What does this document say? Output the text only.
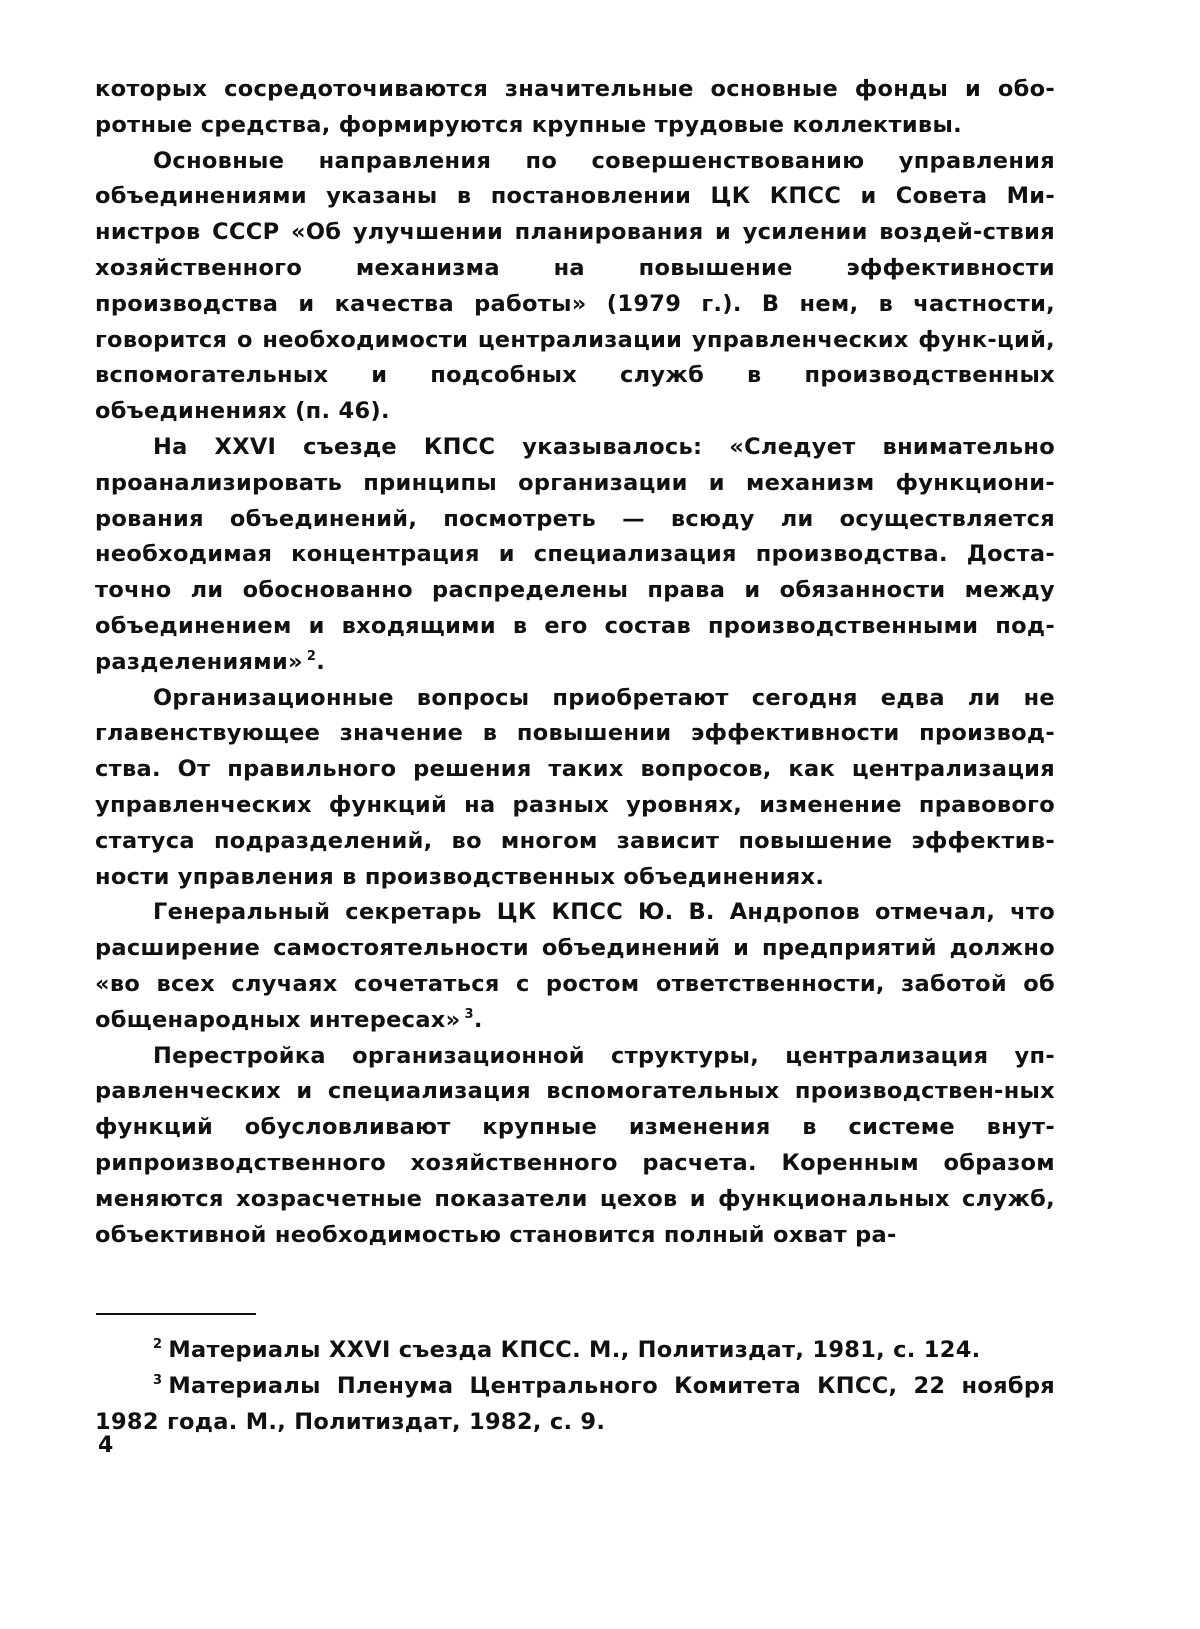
которых сосредоточиваются значительные основные фонды и обо-ротные средства, формируются крупные трудовые коллективы.

Основные направления по совершенствованию управления объединениями указаны в постановлении ЦК КПСС и Совета Ми-нистров СССР «Об улучшении планирования и усилении воздей-ствия хозяйственного механизма на повышение эффективности производства и качества работы» (1979 г.). В нем, в частности, говорится о необходимости централизации управленческих функ-ций, вспомогательных и подсобных служб в производственных объединениях (п. 46).

На XXVI съезде КПСС указывалось: «Следует внимательно проанализировать принципы организации и механизм функциони-рования объединений, посмотреть — всюду ли осуществляется необходимая концентрация и специализация производства. Доста-точно ли обоснованно распределены права и обязанности между объединением и входящими в его состав производственными под-разделениями» $^2$.

Организационные вопросы приобретают сегодня едва ли не главенствующее значение в повышении эффективности производ-ства. От правильного решения таких вопросов, как централизация управленческих функций на разных уровнях, изменение правового статуса подразделений, во многом зависит повышение эффектив-ности управления в производственных объединениях.

Генеральный секретарь ЦК КПСС Ю. В. Андропов отмечал, что расширение самостоятельности объединений и предприятий должно «во всех случаях сочетаться с ростом ответственности, заботой об общенародных интересах» $^3$.

Перестройка организационной структуры, централизация уп-равленческих и специализация вспомогательных производствен-ных функций обусловливают крупные изменения в системе внут-рипроизводственного хозяйственного расчета. Коренным образом меняются хозрасчетные показатели цехов и функциональных служб, объективной необходимостью становится полный охват ра-

$^2$ Материалы XXVI съезда КПСС. М., Политиздат, 1981, с. 124.

$^3$ Материалы Пленума Центрального Комитета КПСС, 22 ноября 1982 года. М., Политиздат, 1982, с. 9.

4
